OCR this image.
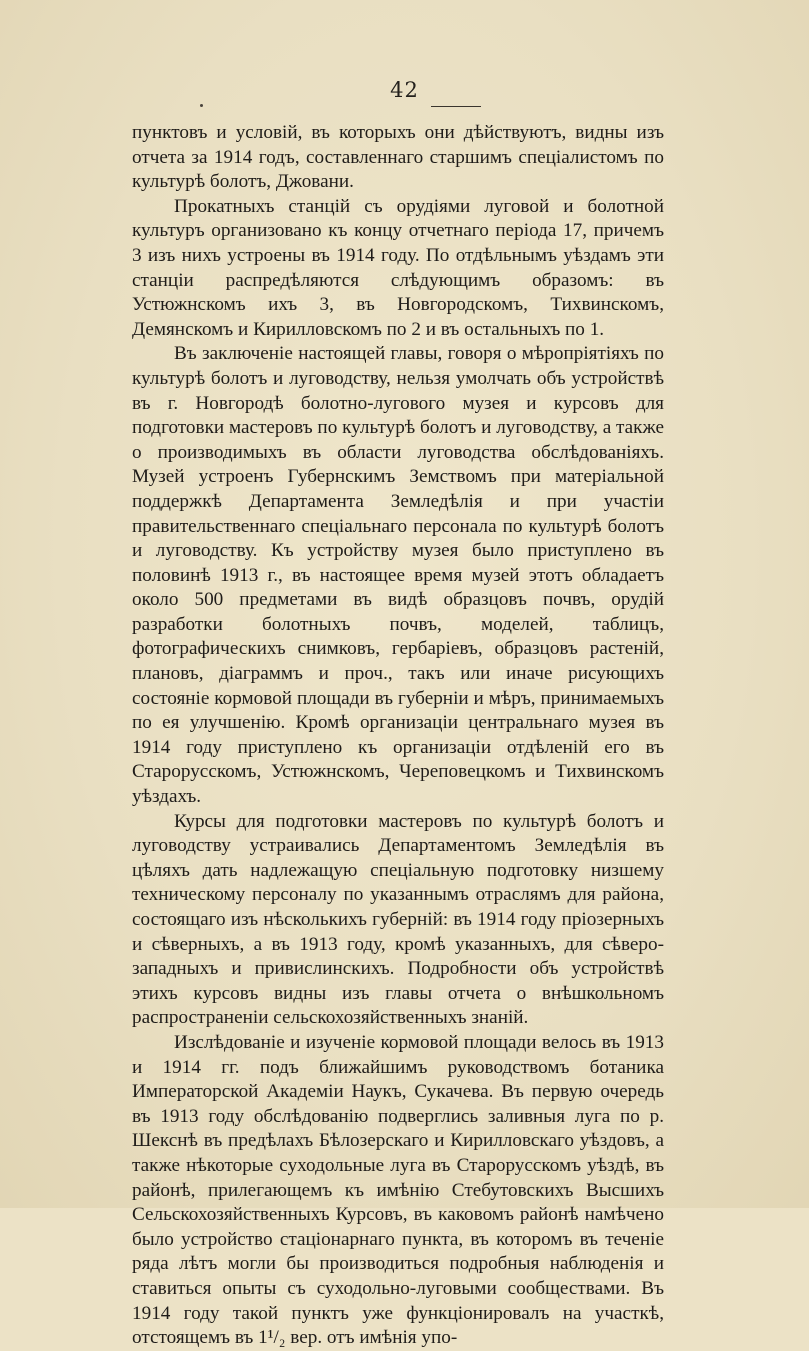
42

пунктовъ и условій, въ которыхъ они дѣйствуютъ, видны изъ отчета за 1914 годъ, составленнаго старшимъ спеціалистомъ по культурѣ болотъ, Джовани.

Прокатныхъ станцій съ орудіями луговой и болотной культуръ организовано къ концу отчетнаго періода 17, причемъ 3 изъ нихъ устроены въ 1914 году. По отдѣльнымъ уѣздамъ эти станціи распредѣляются слѣдующимъ образомъ: въ Устюжнскомъ ихъ 3, въ Новгородскомъ, Тихвинскомъ, Демянскомъ и Кирилловскомъ по 2 и въ остальныхъ по 1.

Въ заключеніе настоящей главы, говоря о мѣропріятіяхъ по культурѣ болотъ и луговодству, нельзя умолчать объ устройствѣ въ г. Новгородѣ болотно-лугового музея и курсовъ для подготовки мастеровъ по культурѣ болотъ и луговодству, а также о производимыхъ въ области луговодства обслѣдованіяхъ. Музей устроенъ Губернскимъ Земствомъ при матеріальной поддержкѣ Департамента Земледѣлія и при участіи правительственнаго спеціальнаго персонала по культурѣ болотъ и луговодству. Къ устройству музея было приступлено въ половинѣ 1913 г., въ настоящее время музей этотъ обладаетъ около 500 предметами въ видѣ образцовъ почвъ, орудій разработки болотныхъ почвъ, моделей, таблицъ, фотографическихъ снимковъ, гербаріевъ, образцовъ растеній, плановъ, діаграммъ и проч., такъ или иначе рисующихъ состояніе кормовой площади въ губерніи и мѣръ, принимаемыхъ по ея улучшенію. Кромѣ организаціи центральнаго музея въ 1914 году приступлено къ организаціи отдѣленій его въ Старорусскомъ, Устюжнскомъ, Череповецкомъ и Тихвинскомъ уѣздахъ.

Курсы для подготовки мастеровъ по культурѣ болотъ и луговодству устраивались Департаментомъ Земледѣлія въ цѣляхъ дать надлежащую спеціальную подготовку низшему техническому персоналу по указаннымъ отраслямъ для района, состоящаго изъ нѣсколькихъ губерній: въ 1914 году пріозерныхъ и сѣверныхъ, а въ 1913 году, кромѣ указанныхъ, для сѣверо-западныхъ и привислинскихъ. Подробности объ устройствѣ этихъ курсовъ видны изъ главы отчета о внѣшкольномъ распространеніи сельскохозяйственныхъ знаній.

Изслѣдованіе и изученіе кормовой площади велось въ 1913 и 1914 гг. подъ ближайшимъ руководствомъ ботаника Императорской Академіи Наукъ, Сукачева. Въ первую очередь въ 1913 году обслѣдованію подверглись заливныя луга по р. Шекснѣ въ предѣлахъ Бѣлозерскаго и Кирилловскаго уѣздовъ, а также нѣкоторые суходольные луга въ Старорусскомъ уѣздѣ, въ районѣ, прилегающемъ къ имѣнію Стебутовскихъ Высшихъ Сельскохозяйственныхъ Курсовъ, въ каковомъ районѣ намѣчено было устройство стаціонарнаго пункта, въ которомъ въ теченіе ряда лѣтъ могли бы производиться подробныя наблюденія и ставиться опыты съ суходольно-луговыми сообществами. Въ 1914 году такой пунктъ уже функціонировалъ на участкѣ, отстоящемъ въ 1¹/₂ вер. отъ имѣнія упо-
